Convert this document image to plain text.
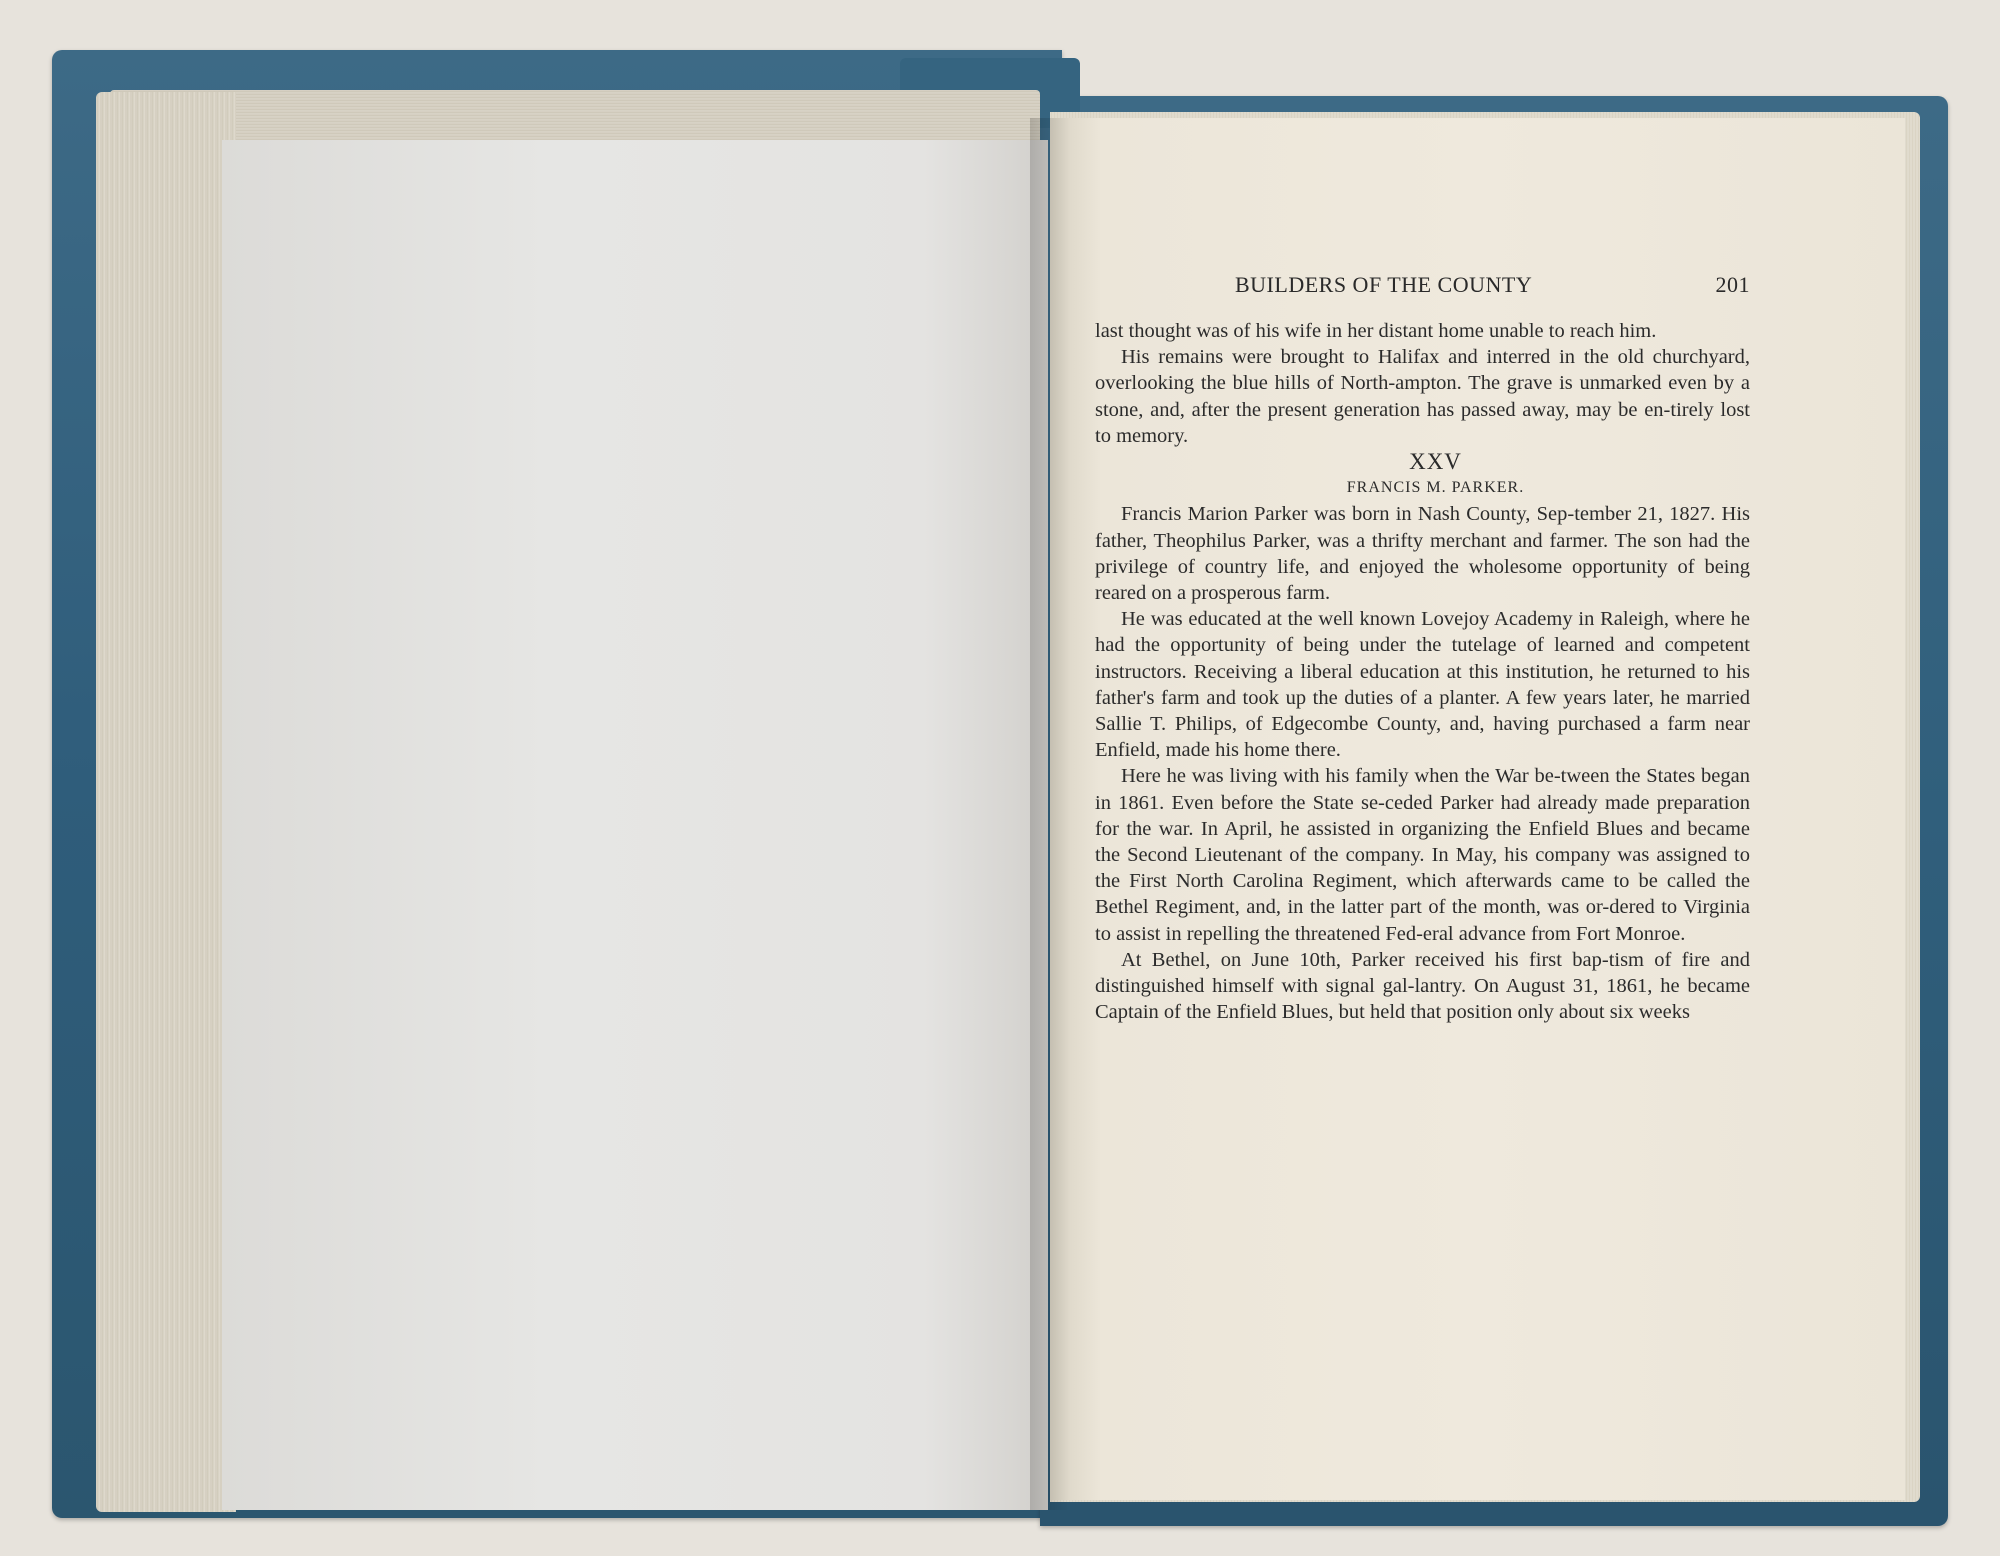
BUILDERS OF THE COUNTY	201

last thought was of his wife in her distant home unable to reach him.

His remains were brought to Halifax and interred in the old churchyard, overlooking the blue hills of North-ampton. The grave is unmarked even by a stone, and, after the present generation has passed away, may be en-tirely lost to memory.

XXV

FRANCIS M. PARKER.

Francis Marion Parker was born in Nash County, Sep-tember 21, 1827. His father, Theophilus Parker, was a thrifty merchant and farmer. The son had the privilege of country life, and enjoyed the wholesome opportunity of being reared on a prosperous farm.

He was educated at the well known Lovejoy Academy in Raleigh, where he had the opportunity of being under the tutelage of learned and competent instructors. Receiving a liberal education at this institution, he returned to his father's farm and took up the duties of a planter. A few years later, he married Sallie T. Philips, of Edgecombe County, and, having purchased a farm near Enfield, made his home there.

Here he was living with his family when the War be-tween the States began in 1861. Even before the State se-ceded Parker had already made preparation for the war. In April, he assisted in organizing the Enfield Blues and became the Second Lieutenant of the company. In May, his company was assigned to the First North Carolina Regiment, which afterwards came to be called the Bethel Regiment, and, in the latter part of the month, was or-dered to Virginia to assist in repelling the threatened Fed-eral advance from Fort Monroe.

At Bethel, on June 10th, Parker received his first bap-tism of fire and distinguished himself with signal gal-lantry. On August 31, 1861, he became Captain of the Enfield Blues, but held that position only about six weeks
